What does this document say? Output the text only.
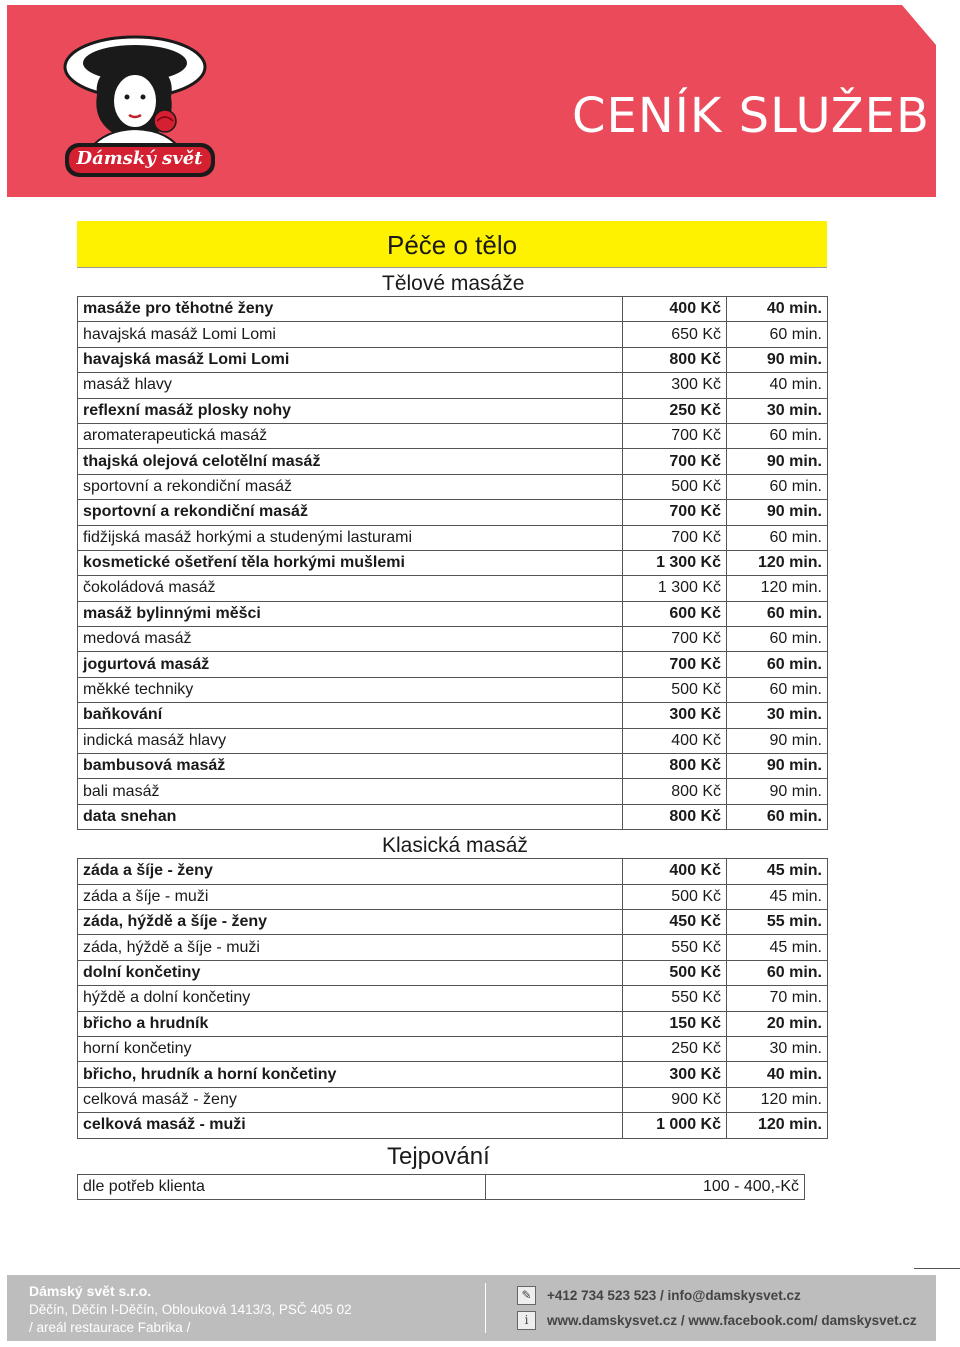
Dámský svět
CENÍK SLUŽEB
Péče o tělo
Tělové masáže
masáže pro těhotné ženy	400 Kč	40 min.
havajská masáž Lomi Lomi	650 Kč	60 min.
havajská masáž Lomi Lomi	800 Kč	90 min.
masáž hlavy	300 Kč	40 min.
reflexní masáž plosky nohy	250 Kč	30 min.
aromaterapeutická masáž	700 Kč	60 min.
thajská olejová celotělní masáž	700 Kč	90 min.
sportovní a rekondiční masáž	500 Kč	60 min.
sportovní a rekondiční masáž	700 Kč	90 min.
fidžijská masáž horkými a studenými lasturami	700 Kč	60 min.
kosmetické ošetření těla horkými mušlemi	1 300 Kč	120 min.
čokoládová masáž	1 300 Kč	120 min.
masáž bylinnými měšci	600 Kč	60 min.
medová masáž	700 Kč	60 min.
jogurtová masáž	700 Kč	60 min.
měkké techniky	500 Kč	60 min.
baňkování	300 Kč	30 min.
indická masáž hlavy	400 Kč	90 min.
bambusová masáž	800 Kč	90 min.
bali masáž	800 Kč	90 min.
data snehan	800 Kč	60 min.
Klasická masáž
záda a šíje - ženy	400 Kč	45 min.
záda a šíje - muži	500 Kč	45 min.
záda, hýždě a šíje - ženy	450 Kč	55 min.
záda, hýždě a šíje - muži	550 Kč	45 min.
dolní končetiny	500 Kč	60 min.
hýždě a dolní končetiny	550 Kč	70 min.
břicho a hrudník	150 Kč	20 min.
horní končetiny	250 Kč	30 min.
břicho, hrudník a horní končetiny	300 Kč	40 min.
celková masáž - ženy	900 Kč	120 min.
celková masáž - muži	1 000 Kč	120 min.
Tejpování
dle potřeb klienta	100 - 400,-Kč
Dámský svět s.r.o.
Děčín, Děčín I-Děčín, Oblouková 1413/3, PSČ 405 02
/ areál restaurace Fabrika /
✎	+412 734 523 523 / info@damskysvet.cz
i	www.damskysvet.cz / www.facebook.com/ damskysvet.cz
